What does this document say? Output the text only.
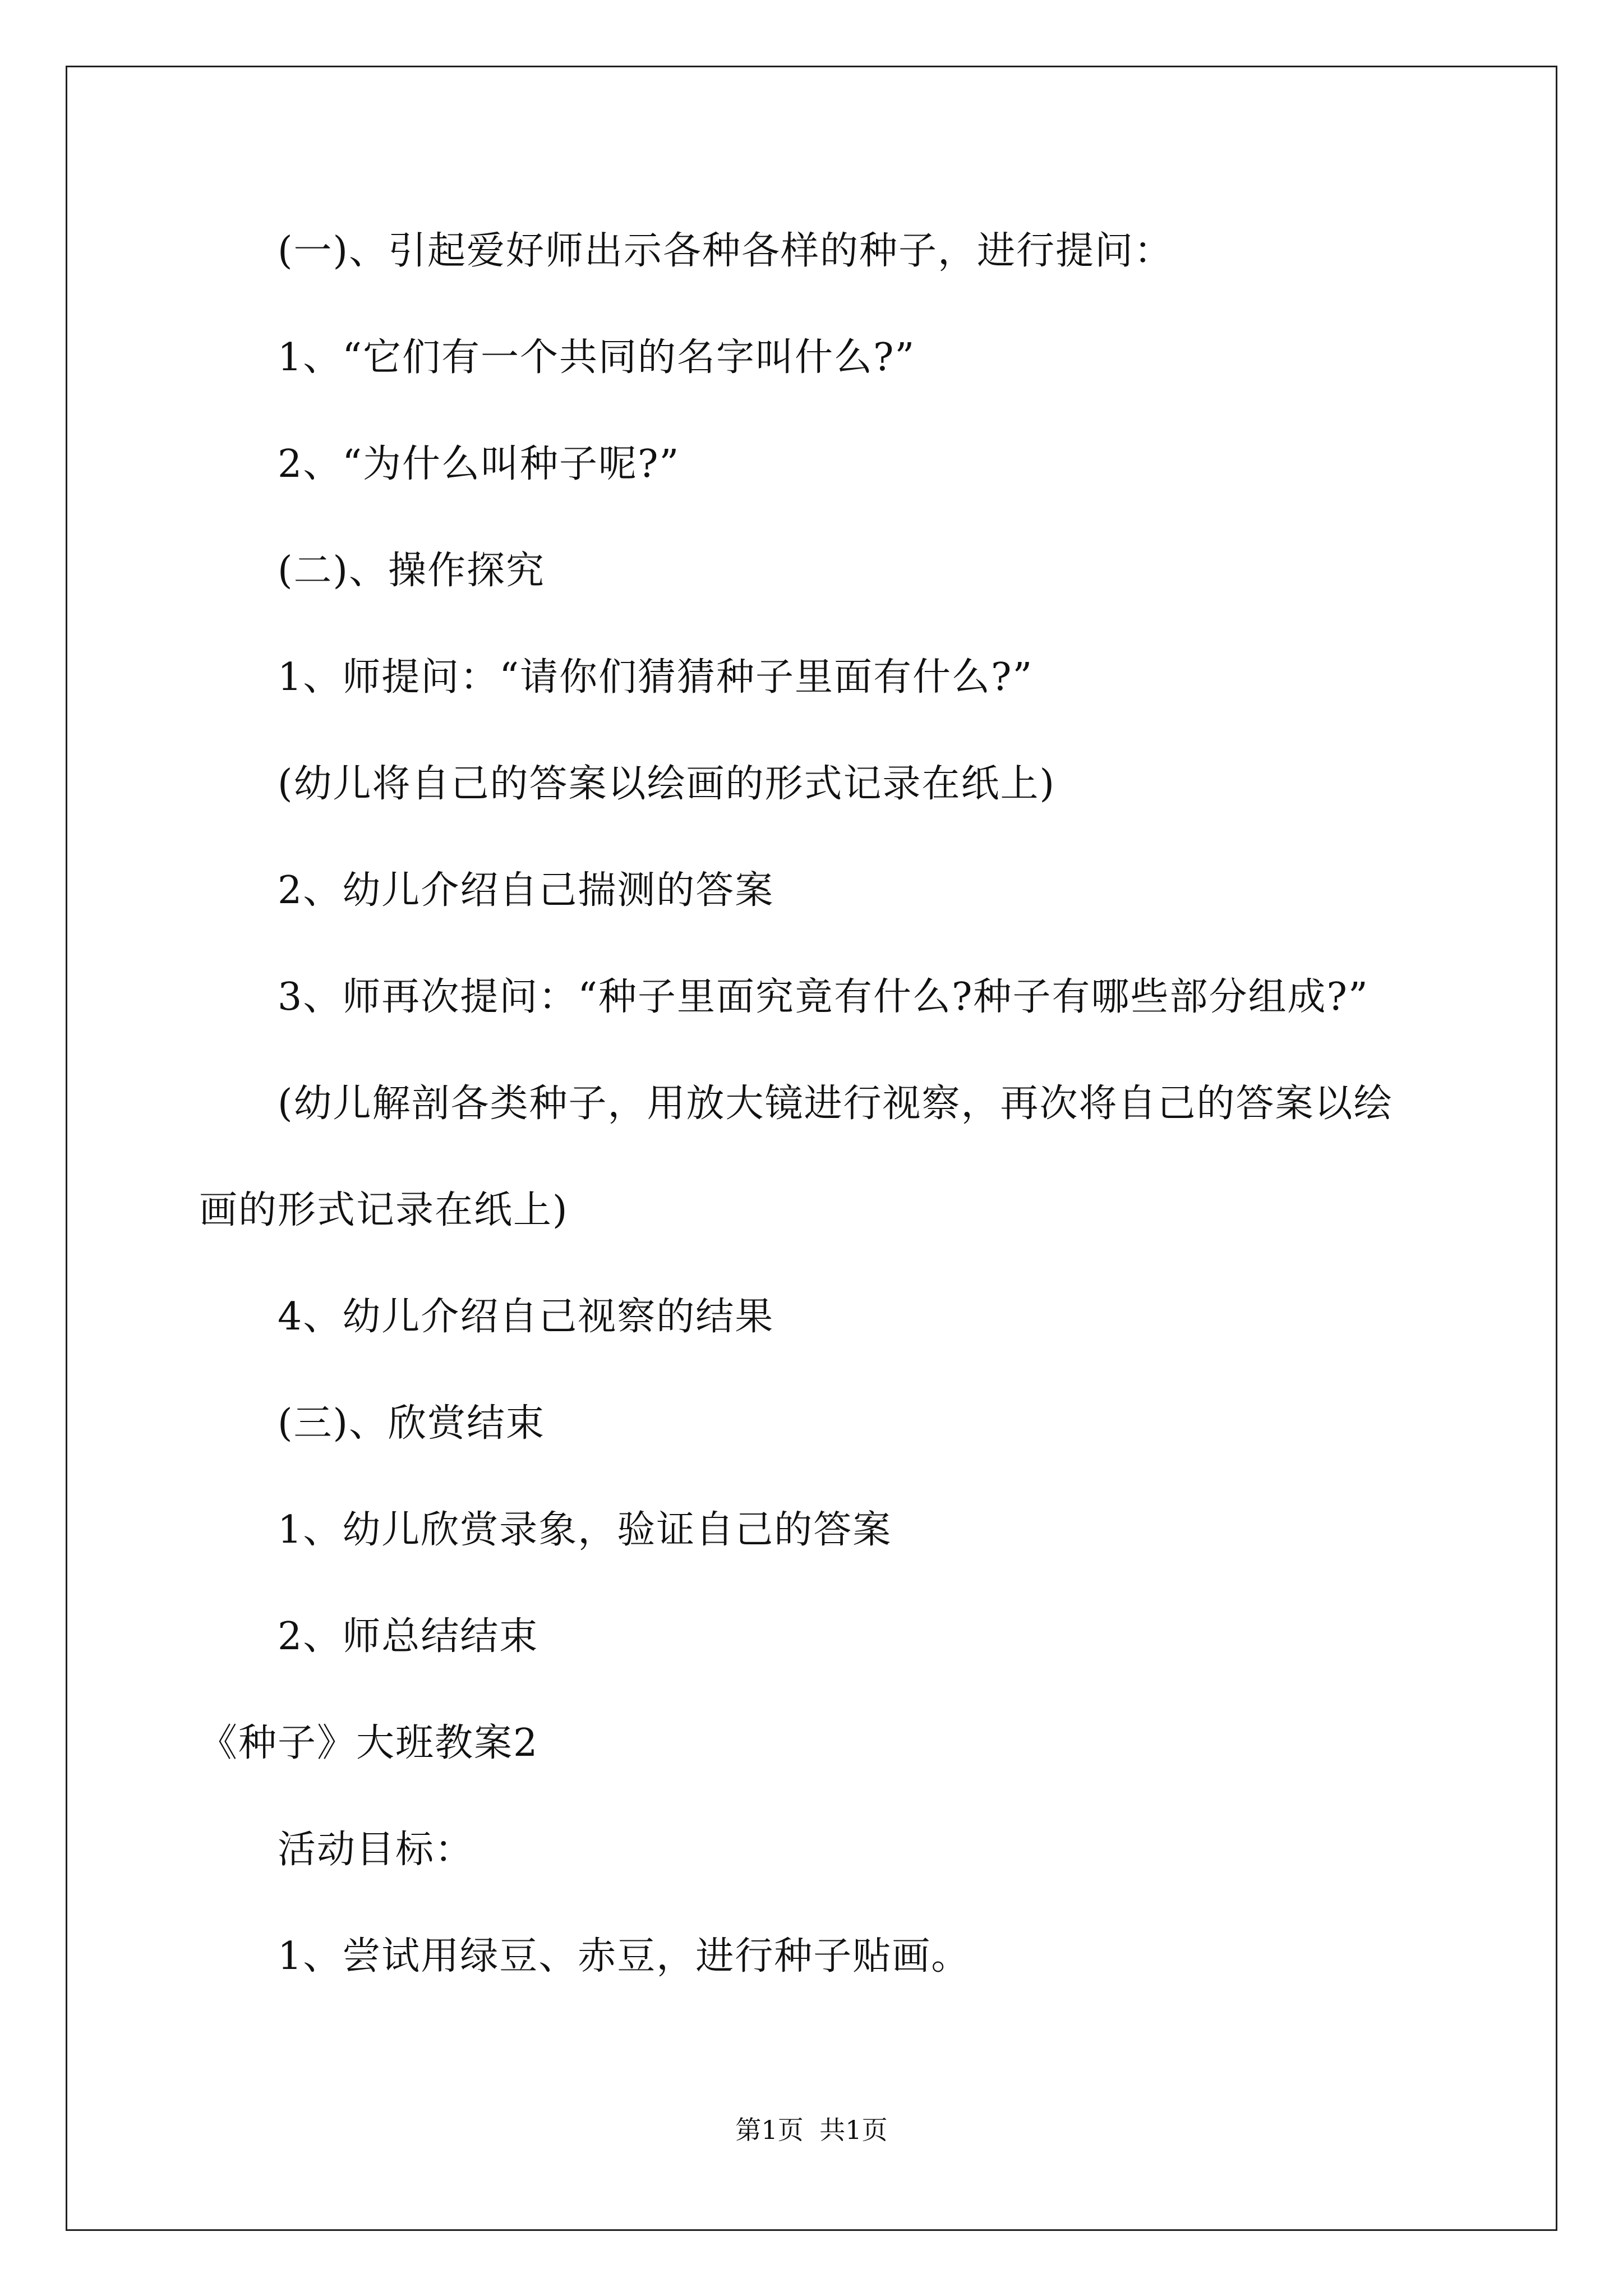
(一)、引起爱好师出示各种各样的种子，进行提问：
1、“它们有一个共同的名字叫什么?”
2、“为什么叫种子呢?”
(二)、操作探究
1、师提问：“请你们猜猜种子里面有什么?”
(幼儿将自己的答案以绘画的形式记录在纸上)
2、幼儿介绍自己揣测的答案
3、师再次提问：“种子里面究竟有什么?种子有哪些部分组成?”
(幼儿解剖各类种子，用放大镜进行视察，再次将自己的答案以绘
画的形式记录在纸上)
4、幼儿介绍自己视察的结果
(三)、欣赏结束
1、幼儿欣赏录象，验证自己的答案
2、师总结结束
《种子》大班教案2
活动目标：
1、尝试用绿豆、赤豆，进行种子贴画。
第1页 共1页
